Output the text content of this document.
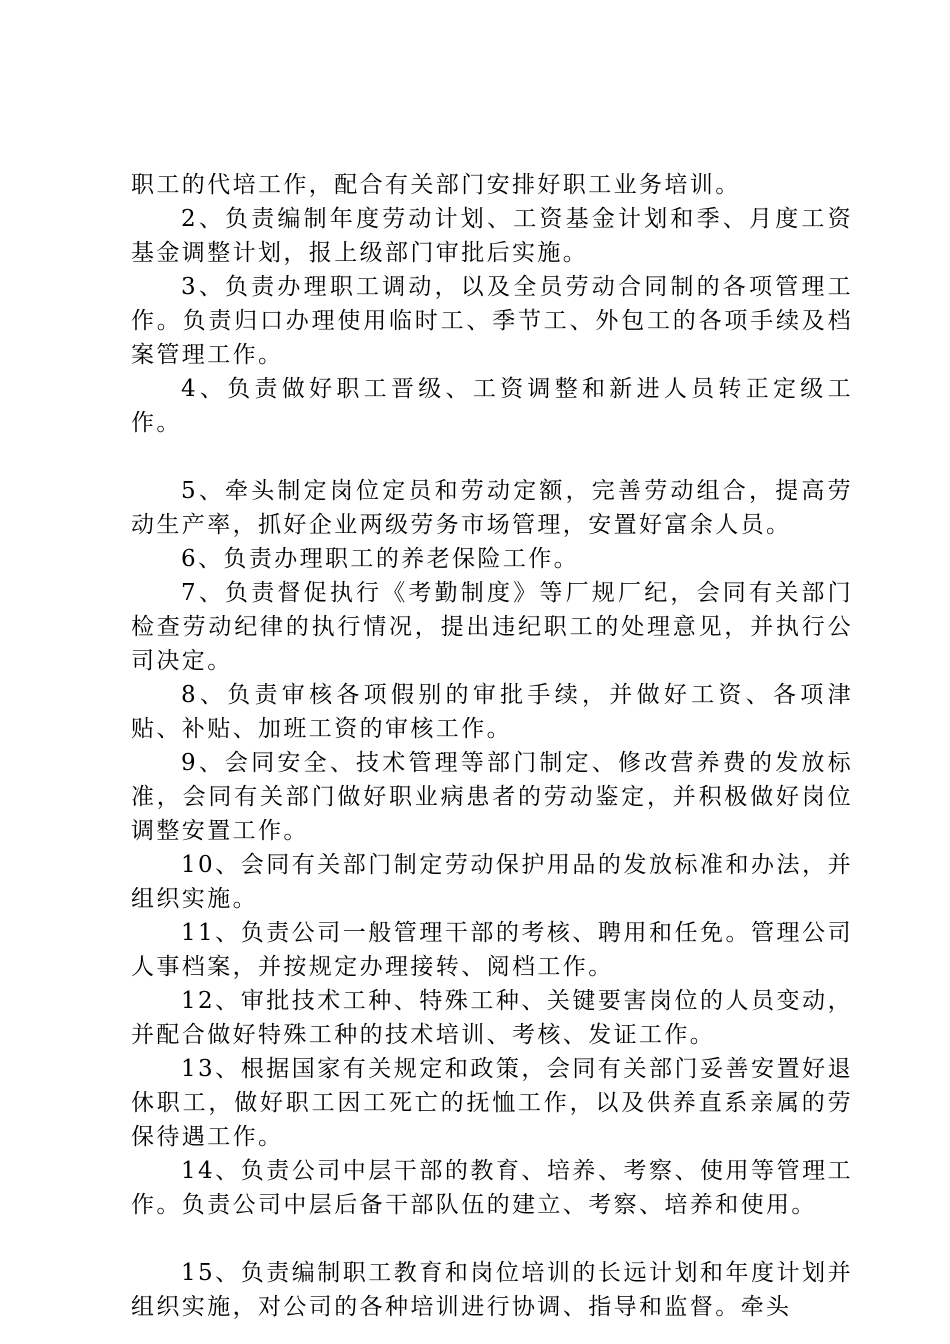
职工的代培工作，配合有关部门安排好职工业务培训。

2、负责编制年度劳动计划、工资基金计划和季、月度工资基金调整计划，报上级部门审批后实施。

3、负责办理职工调动，以及全员劳动合同制的各项管理工作。负责归口办理使用临时工、季节工、外包工的各项手续及档案管理工作。

4、负责做好职工晋级、工资调整和新进人员转正定级工作。

5、牵头制定岗位定员和劳动定额，完善劳动组合，提高劳动生产率，抓好企业两级劳务市场管理，安置好富余人员。

6、负责办理职工的养老保险工作。

7、负责督促执行《考勤制度》等厂规厂纪，会同有关部门检查劳动纪律的执行情况，提出违纪职工的处理意见，并执行公司决定。

8、负责审核各项假别的审批手续，并做好工资、各项津贴、补贴、加班工资的审核工作。

9、会同安全、技术管理等部门制定、修改营养费的发放标准，会同有关部门做好职业病患者的劳动鉴定，并积极做好岗位调整安置工作。

10、会同有关部门制定劳动保护用品的发放标准和办法，并组织实施。

11、负责公司一般管理干部的考核、聘用和任免。管理公司人事档案，并按规定办理接转、阅档工作。

12、审批技术工种、特殊工种、关键要害岗位的人员变动，并配合做好特殊工种的技术培训、考核、发证工作。

13、根据国家有关规定和政策，会同有关部门妥善安置好退休职工，做好职工因工死亡的抚恤工作，以及供养直系亲属的劳保待遇工作。

14、负责公司中层干部的教育、培养、考察、使用等管理工作。负责公司中层后备干部队伍的建立、考察、培养和使用。

15、负责编制职工教育和岗位培训的长远计划和年度计划并组织实施，对公司的各种培训进行协调、指导和监督。牵头
